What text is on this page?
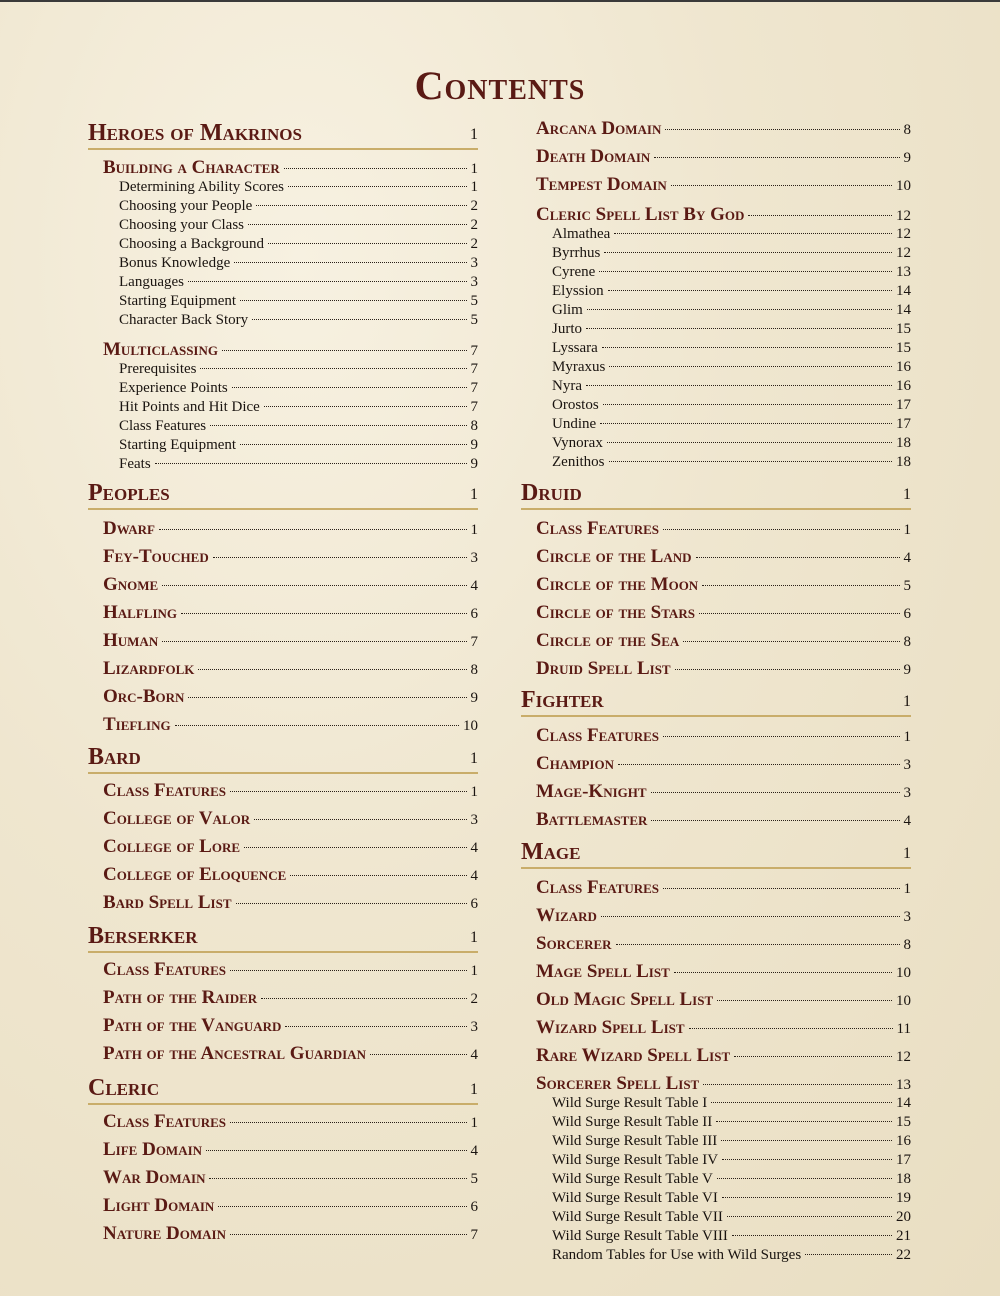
Contents
Heroes of Makrinos	1
Building a Character	1
Determining Ability Scores	1
Choosing your People	2
Choosing your Class	2
Choosing a Background	2
Bonus Knowledge	3
Languages	3
Starting Equipment	5
Character Back Story	5
Multiclassing	7
Prerequisites	7
Experience Points	7
Hit Points and Hit Dice	7
Class Features	8
Starting Equipment	9
Feats	9
Peoples	1
Dwarf	1
Fey-Touched	3
Gnome	4
Halfling	6
Human	7
Lizardfolk	8
Orc-Born	9
Tiefling	10
Bard	1
Class Features	1
College of Valor	3
College of Lore	4
College of Eloquence	4
Bard Spell List	6
Berserker	1
Class Features	1
Path of the Raider	2
Path of the Vanguard	3
Path of the Ancestral Guardian	4
Cleric	1
Class Features	1
Life Domain	4
War Domain	5
Light Domain	6
Nature Domain	7
Arcana Domain	8
Death Domain	9
Tempest Domain	10
Cleric Spell List By God	12
Almathea	12
Byrrhus	12
Cyrene	13
Elyssion	14
Glim	14
Jurto	15
Lyssara	15
Myraxus	16
Nyra	16
Orostos	17
Undine	17
Vynorax	18
Zenithos	18
Druid	1
Class Features	1
Circle of the Land	4
Circle of the Moon	5
Circle of the Stars	6
Circle of the Sea	8
Druid Spell List	9
Fighter	1
Class Features	1
Champion	3
Mage-Knight	3
Battlemaster	4
Mage	1
Class Features	1
Wizard	3
Sorcerer	8
Mage Spell List	10
Old Magic Spell List	10
Wizard Spell List	11
Rare Wizard Spell List	12
Sorcerer Spell List	13
Wild Surge Result Table I	14
Wild Surge Result Table II	15
Wild Surge Result Table III	16
Wild Surge Result Table IV	17
Wild Surge Result Table V	18
Wild Surge Result Table VI	19
Wild Surge Result Table VII	20
Wild Surge Result Table VIII	21
Random Tables for Use with Wild Surges	22
